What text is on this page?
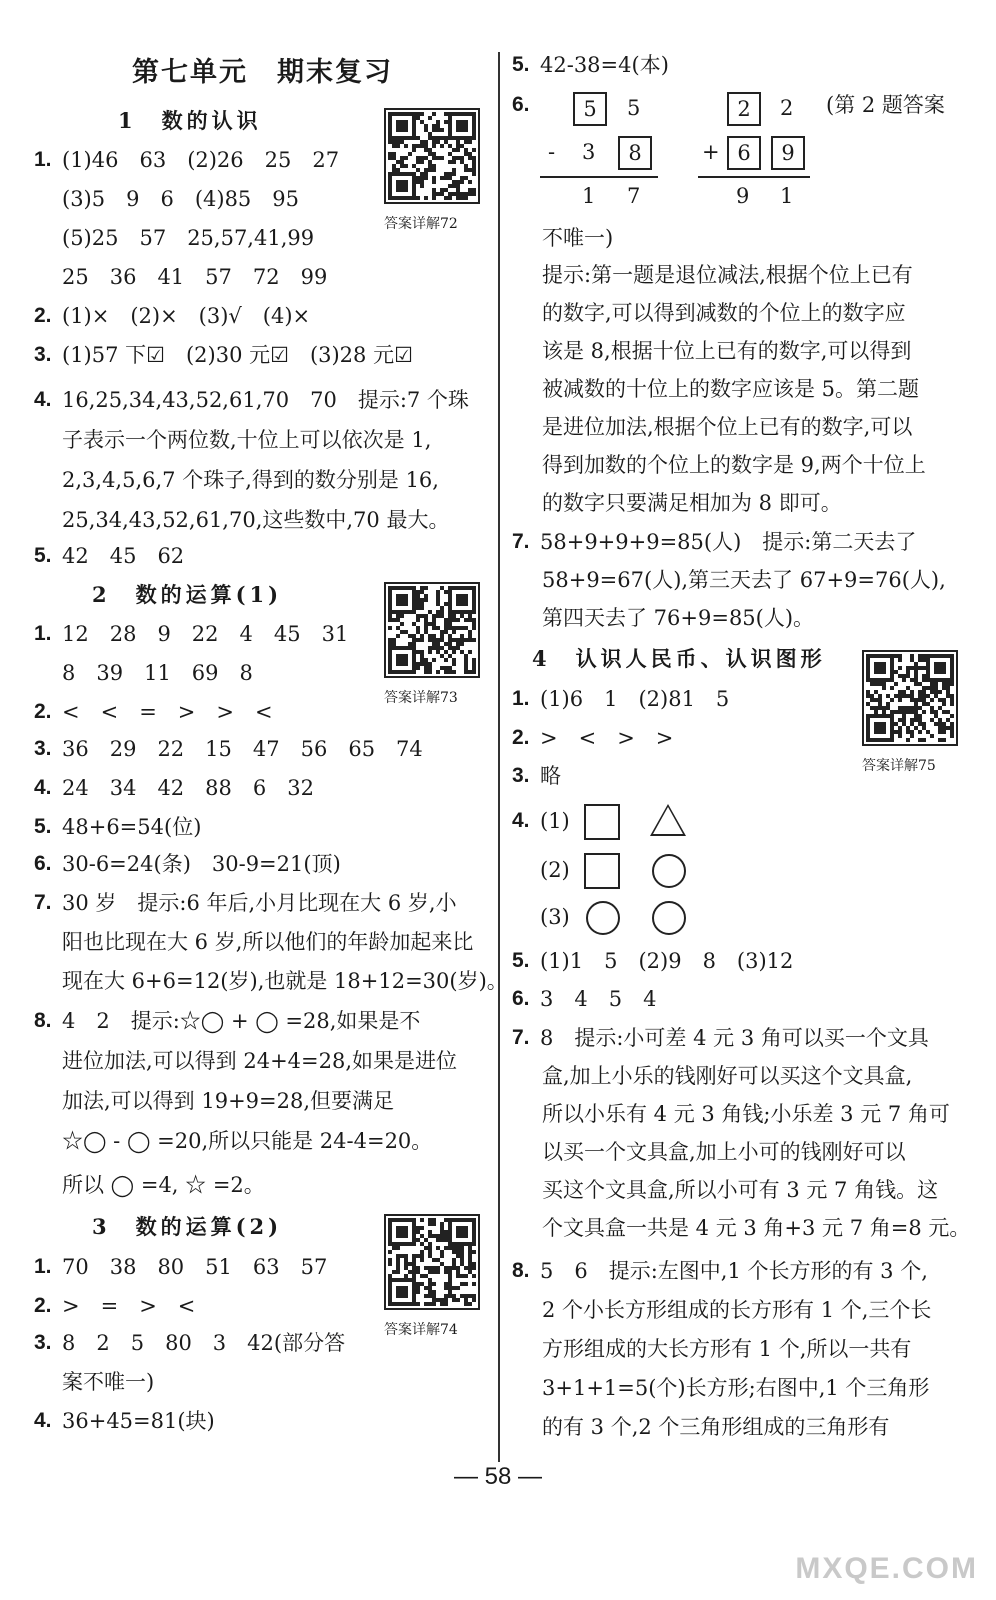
第七单元　期末复习
1　数的认识
1. (1)46　63　(2)26　25　27
(3)5　9　6　(4)85　95
(5)25　57　25,57,41,99
25　36　41　57　72　99
2. (1)×　(2)×　(3)√　(4)×
3. (1)57 下☑　(2)30 元☑　(3)28 元☑
4. 16,25,34,43,52,61,70　70　提示:7 个珠
子表示一个两位数,十位上可以依次是 1,
2,3,4,5,6,7 个珠子,得到的数分别是 16,
25,34,43,52,61,70,这些数中,70 最大。
5. 42　45　62
2　数的运算(1)
1. 12　28　9　22　4　45　31
8　39　11　69　8
2. <　<　=　>　>　<
3. 36　29　22　15　47　56　65　74
4. 24　34　42　88　6　32
5. 48+6=54(位)
6. 30-6=24(条)　30-9=21(顶)
7. 30 岁　提示:6 年后,小月比现在大 6 岁,小
阳也比现在大 6 岁,所以他们的年龄加起来比
现在大 6+6=12(岁),也就是 18+12=30(岁)。
8. 4　2　提示:☆◯ + ◯ =28,如果是不
进位加法,可以得到 24+4=28,如果是进位
加法,可以得到 19+9=28,但要满足
☆◯ - ◯ =20,所以只能是 24-4=20。
所以 ◯ =4, ☆ =2。
3　数的运算(2)
1. 70　38　80　51　63　57
2. >　=　>　<
3. 8　2　5　80　3　42(部分答
案不唯一)
4. 36+45=81(块)
5. 42-38=4(本)
6.	(第 2 题答案
不唯一)
提示:第一题是退位减法,根据个位上已有
的数字,可以得到减数的个位上的数字应
该是 8,根据十位上已有的数字,可以得到
被减数的十位上的数字应该是 5。第二题
是进位加法,根据个位上已有的数字,可以
得到加数的个位上的数字是 9,两个十位上
的数字只要满足相加为 8 即可。
7. 58+9+9+9=85(人)　提示:第二天去了
58+9=67(人),第三天去了 67+9=76(人),
第四天去了 76+9=85(人)。
4　认识人民币、认识图形
1. (1)6　1　(2)81　5
2. >　<　>　>
3. 略
5. (1)1　5　(2)9　8　(3)12
6. 3　4　5　4
7. 8　提示:小可差 4 元 3 角可以买一个文具
盒,加上小乐的钱刚好可以买这个文具盒,
所以小乐有 4 元 3 角钱;小乐差 3 元 7 角可
以买一个文具盒,加上小可的钱刚好可以
买这个文具盒,所以小可有 3 元 7 角钱。这
个文具盒一共是 4 元 3 角+3 元 7 角=8 元。
8. 5　6　提示:左图中,1 个长方形的有 3 个,
2 个小长方形组成的长方形有 1 个,三个长
方形组成的大长方形有 1 个,所以一共有
3+1+1=5(个)长方形;右图中,1 个三角形
的有 3 个,2 个三角形组成的三角形有
答案详解72
答案详解73
答案详解74
答案详解75
5	5
- 3	8
1 7
2	2
+ 6	9
9 1
4. (1)
(2)
(3)
— 58 —
MXQE.COM
